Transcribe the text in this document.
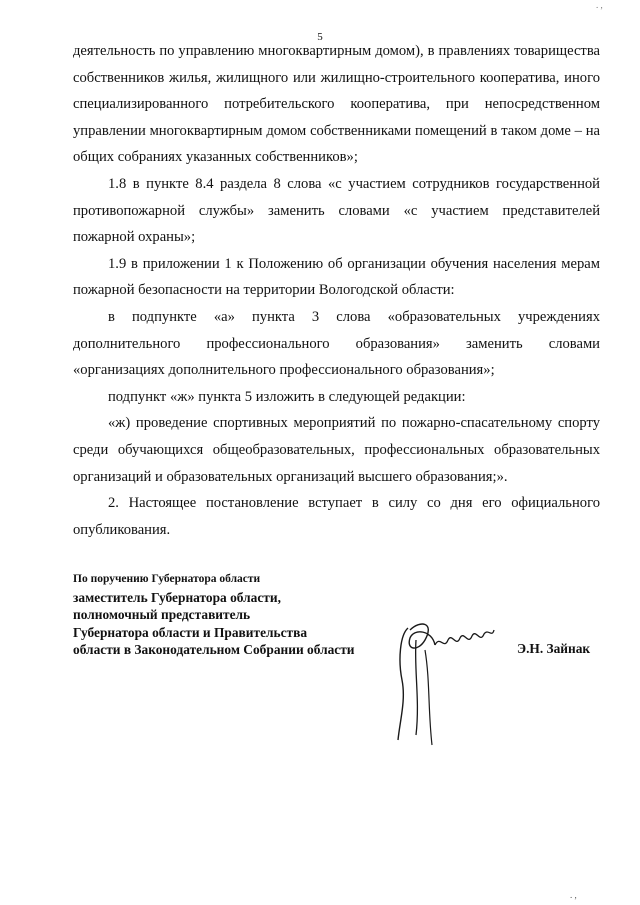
. ,
5

деятельность по управлению многоквартирным домом), в правлениях товарищества собственников жилья, жилищного или жилищно-строительного кооператива, иного специализированного потребительского кооператива, при непосредственном управлении многоквартирным домом собственниками помещений в таком доме – на общих собраниях указанных собственников»;

1.8 в пункте 8.4 раздела 8 слова «с участием сотрудников государственной противопожарной службы» заменить словами «с участием представителей пожарной охраны»;

1.9 в приложении 1 к Положению об организации обучения населения мерам пожарной безопасности на территории Вологодской области:

в подпункте «а» пункта 3 слова «образовательных учреждениях дополнительного профессионального образования» заменить словами «организациях дополнительного профессионального образования»;

подпункт «ж» пункта 5 изложить в следующей редакции:

«ж) проведение спортивных мероприятий по пожарно-спасательному спорту среди обучающихся общеобразовательных, профессиональных образовательных организаций и образовательных организаций высшего образования;».

2. Настоящее постановление вступает в силу со дня его официального опубликования.

По поручению Губернатора области
заместитель Губернатора области,
полномочный представитель
Губернатора области и Правительства
области в Законодательном Собрании области	Э.Н. Зайнак
. ,
